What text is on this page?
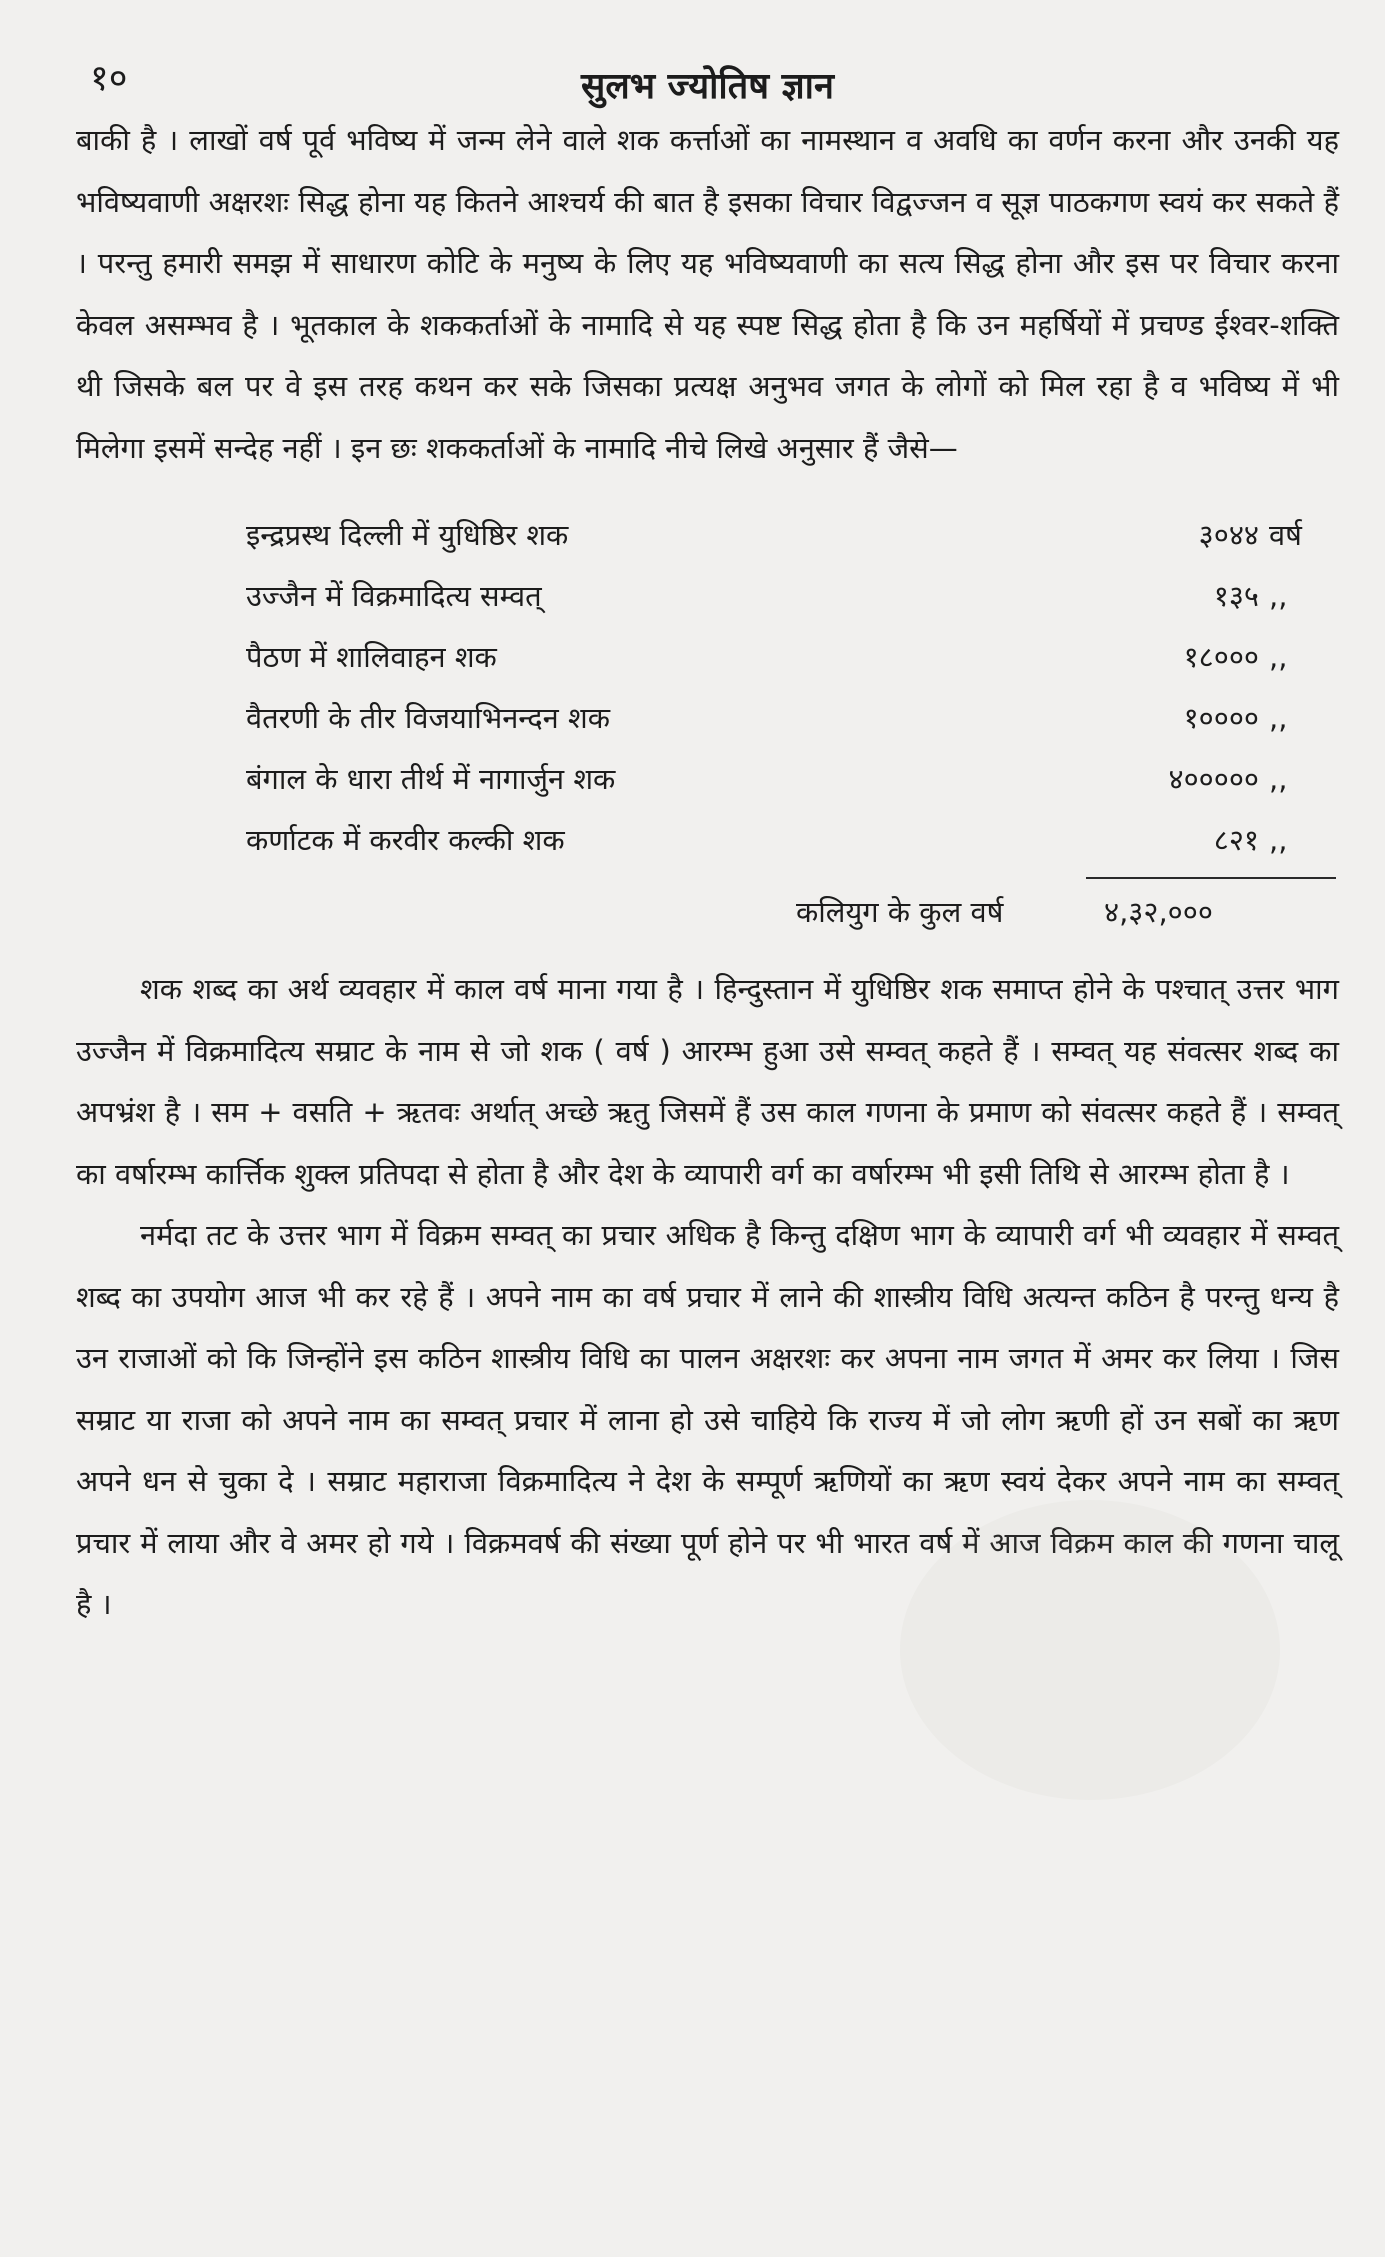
१०	सुलभ ज्योतिष ज्ञान

बाकी है । लाखों वर्ष पूर्व भविष्य में जन्म लेने वाले शक कर्त्ताओं का नामस्थान व अवधि का वर्णन करना और उनकी यह भविष्यवाणी अक्षरशः सिद्ध होना यह कितने आश्चर्य की बात है इसका विचार विद्वज्जन व सूज्ञ पाठकगण स्वयं कर सकते हैं । परन्तु हमारी समझ में साधारण कोटि के मनुष्य के लिए यह भविष्यवाणी का सत्य सिद्ध होना और इस पर विचार करना केवल असम्भव है । भूतकाल के शककर्ताओं के नामादि से यह स्पष्ट सिद्ध होता है कि उन महर्षियों में प्रचण्ड ईश्वर-शक्ति थी जिसके बल पर वे इस तरह कथन कर सके जिसका प्रत्यक्ष अनुभव जगत के लोगों को मिल रहा है व भविष्य में भी मिलेगा इसमें सन्देह नहीं । इन छः शककर्ताओं के नामादि नीचे लिखे अनुसार हैं जैसे—

इन्द्रप्रस्थ दिल्ली में युधिष्ठिर शक	३०४४ वर्ष
उज्जैन में विक्रमादित्य सम्वत्	१३५ ,,
पैठण में शालिवाहन शक	१८००० ,,
वैतरणी के तीर विजयाभिनन्दन शक	१०००० ,,
बंगाल के धारा तीर्थ में नागार्जुन शक	४००००० ,,
कर्णाटक में करवीर कल्की शक	८२१ ,,
कलियुग के कुल वर्ष	४,३२,०००

शक शब्द का अर्थ व्यवहार में काल वर्ष माना गया है । हिन्दुस्तान में युधिष्ठिर शक समाप्त होने के पश्चात् उत्तर भाग उज्जैन में विक्रमादित्य सम्राट के नाम से जो शक ( वर्ष ) आरम्भ हुआ उसे सम्वत् कहते हैं । सम्वत् यह संवत्सर शब्द का अपभ्रंश है । सम + वसति + ऋतवः अर्थात् अच्छे ऋतु जिसमें हैं उस काल गणना के प्रमाण को संवत्सर कहते हैं । सम्वत् का वर्षारम्भ कार्त्तिक शुक्ल प्रतिपदा से होता है और देश के व्यापारी वर्ग का वर्षारम्भ भी इसी तिथि से आरम्भ होता है ।

नर्मदा तट के उत्तर भाग में विक्रम सम्वत् का प्रचार अधिक है किन्तु दक्षिण भाग के व्यापारी वर्ग भी व्यवहार में सम्वत् शब्द का उपयोग आज भी कर रहे हैं । अपने नाम का वर्ष प्रचार में लाने की शास्त्रीय विधि अत्यन्त कठिन है परन्तु धन्य है उन राजाओं को कि जिन्होंने इस कठिन शास्त्रीय विधि का पालन अक्षरशः कर अपना नाम जगत में अमर कर लिया । जिस सम्राट या राजा को अपने नाम का सम्वत् प्रचार में लाना हो उसे चाहिये कि राज्य में जो लोग ऋणी हों उन सबों का ऋण अपने धन से चुका दे । सम्राट महाराजा विक्रमादित्य ने देश के सम्पूर्ण ऋणियों का ऋण स्वयं देकर अपने नाम का सम्वत् प्रचार में लाया और वे अमर हो गये । विक्रमवर्ष की संख्या पूर्ण होने पर भी भारत वर्ष में आज विक्रम काल की गणना चालू है ।
